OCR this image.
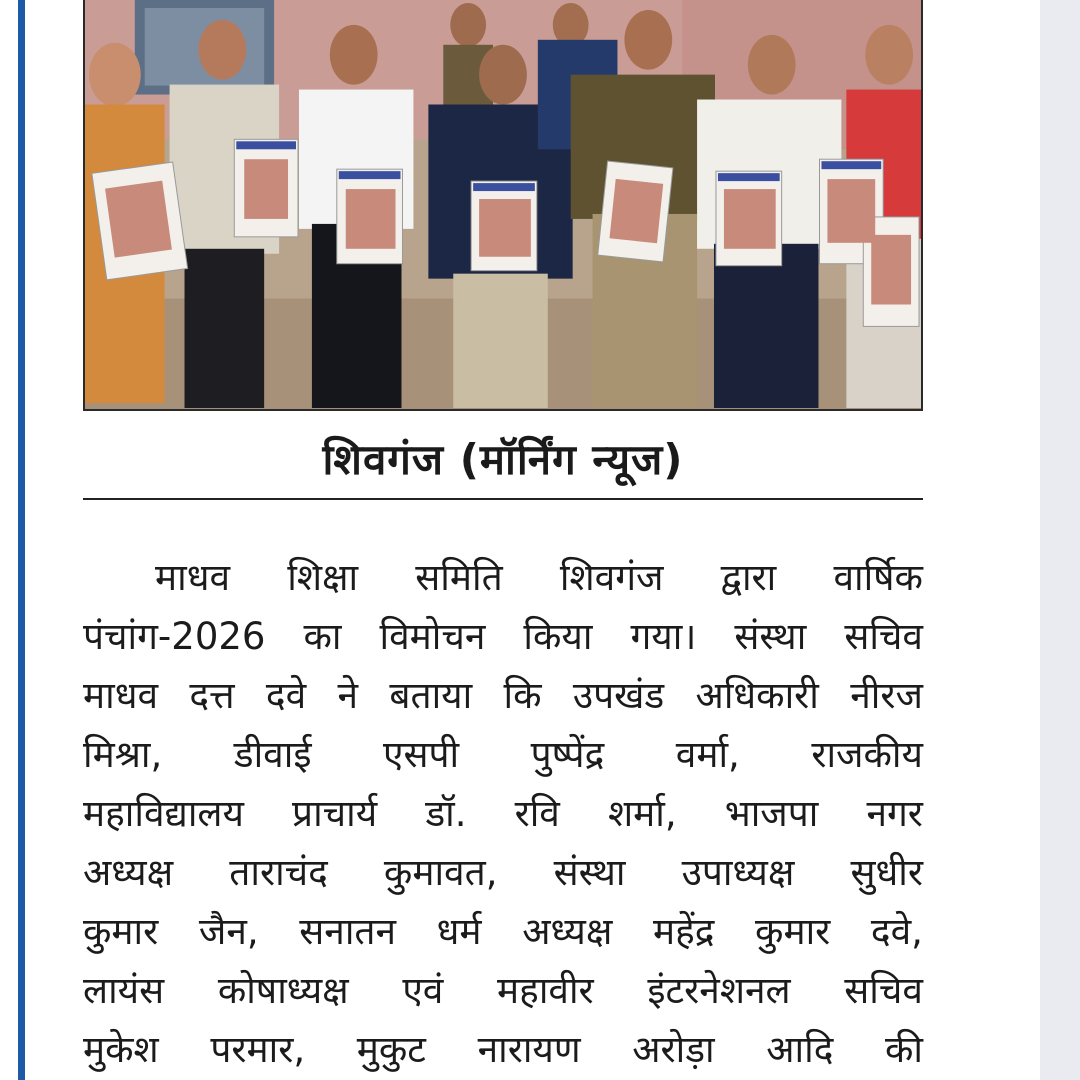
शिवगंज (मॉर्निंग न्यूज)
माधव शिक्षा समिति शिवगंज द्वारा वार्षिक
पंचांग-2026 का विमोचन किया गया। संस्था सचिव
माधव दत्त दवे ने बताया कि उपखंड अधिकारी नीरज
मिश्रा, डीवाई एसपी पुष्पेंद्र वर्मा, राजकीय
महाविद्यालय प्राचार्य डॉ. रवि शर्मा, भाजपा नगर
अध्यक्ष ताराचंद कुमावत, संस्था उपाध्यक्ष सुधीर
कुमार जैन, सनातन धर्म अध्यक्ष महेंद्र कुमार दवे,
लायंस कोषाध्यक्ष एवं महावीर इंटरनेशनल सचिव
मुकेश परमार, मुकुट नारायण अरोड़ा आदि की
